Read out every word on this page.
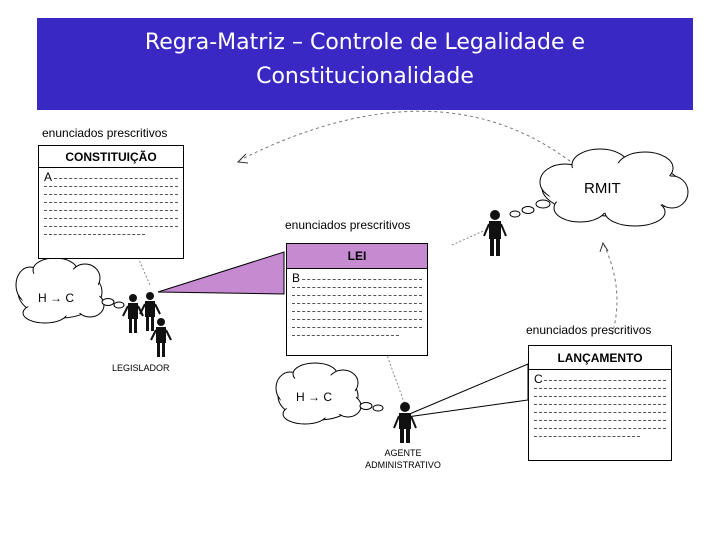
Regra-Matriz – Controle de Legalidade e
Constitucionalidade
enunciados prescritivos
CONSTITUIÇÃO
A
enunciados prescritivos
LEI
B
enunciados prescritivos
LANÇAMENTO
C
RMIT
H → C
H → C
LEGISLADOR
AGENTE
ADMINISTRATIVO
